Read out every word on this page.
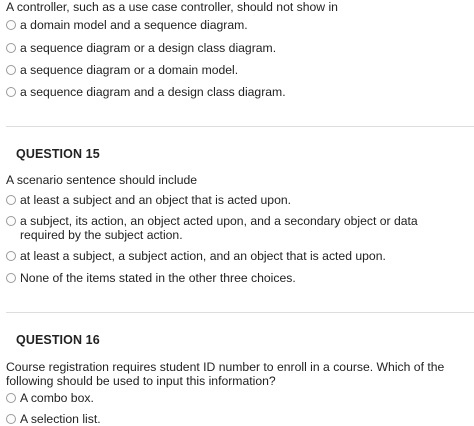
A controller, such as a use case controller, should not show in
a domain model and a sequence diagram.
a sequence diagram or a design class diagram.
a sequence diagram or a domain model.
a sequence diagram and a design class diagram.
QUESTION 15
A scenario sentence should include
at least a subject and an object that is acted upon.
a subject, its action, an object acted upon, and a secondary object or data required by the subject action.
at least a subject, a subject action, and an object that is acted upon.
None of the items stated in the other three choices.
QUESTION 16
Course registration requires student ID number to enroll in a course. Which of the following should be used to input this information?
A combo box.
A selection list.
